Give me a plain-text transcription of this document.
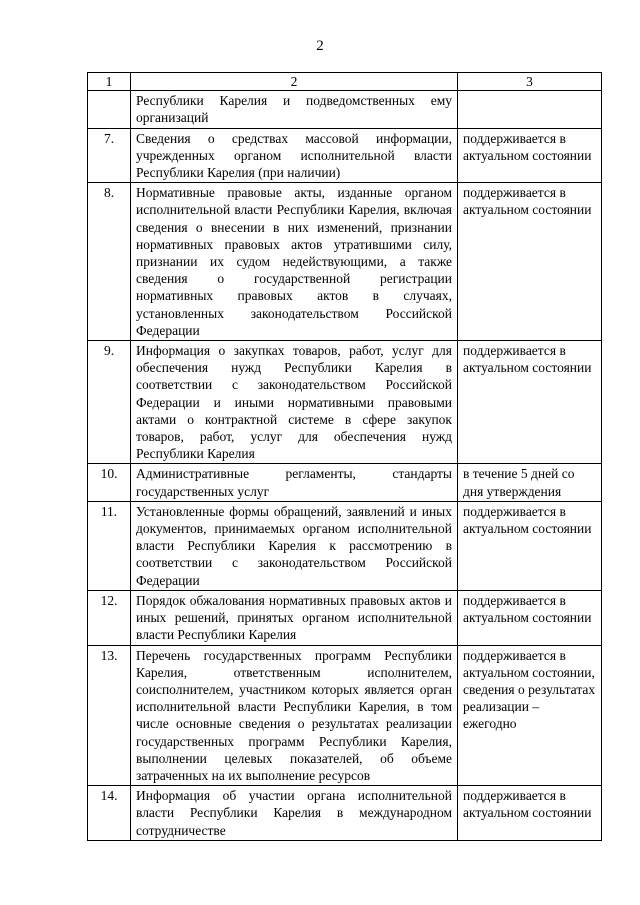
2
1	2	3
	Республики Карелия и подведомственных ему организаций	
7.	Сведения о средствах массовой информации, учрежденных органом исполнительной власти Республики Карелия (при наличии)	поддерживается в актуальном состоянии
8.	Нормативные правовые акты, изданные органом исполнительной власти Республики Карелия, включая сведения о внесении в них изменений, признании нормативных правовых актов утратившими силу, признании их судом недействующими, а также сведения о государственной регистрации нормативных правовых актов в случаях, установленных законодательством Российской Федерации	поддерживается в актуальном состоянии
9.	Информация о закупках товаров, работ, услуг для обеспечения нужд Республики Карелия в соответствии с законодательством Российской Федерации и иными нормативными правовыми актами о контрактной системе в сфере закупок товаров, работ, услуг для обеспечения нужд Республики Карелия	поддерживается в актуальном состоянии
10.	Административные регламенты, стандарты государственных услуг	в течение 5 дней со дня утверждения
11.	Установленные формы обращений, заявлений и иных документов, принимаемых органом исполнительной власти Республики Карелия к рассмотрению в соответствии с законодательством Российской Федерации	поддерживается в актуальном состоянии
12.	Порядок обжалования нормативных правовых актов и иных решений, принятых органом исполнительной власти Республики Карелия	поддерживается в актуальном состоянии
13.	Перечень государственных программ Республики Карелия, ответственным исполнителем, соисполнителем, участником которых является орган исполнительной власти Республики Карелия, в том числе основные сведения о результатах реализации государственных программ Республики Карелия, выполнении целевых показателей, об объеме затраченных на их выполнение ресурсов	поддерживается в актуальном состоянии, сведения о результатах реализации – ежегодно
14.	Информация об участии органа исполнительной власти Республики Карелия в международном сотрудничестве	поддерживается в актуальном состоянии
